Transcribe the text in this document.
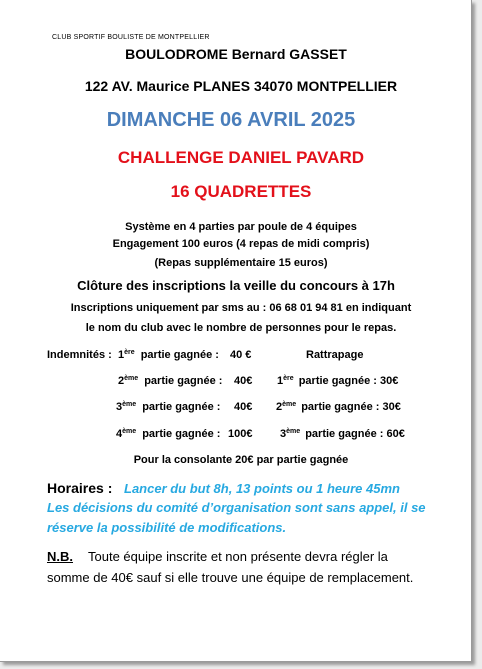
CLUB SPORTIF BOULISTE DE MONTPELLIER
BOULODROME Bernard GASSET
122 AV. Maurice PLANES 34070 MONTPELLIER
DIMANCHE 06 AVRIL 2025
CHALLENGE DANIEL PAVARD
16 QUADRETTES
Système en 4 parties par poule de 4 équipes
Engagement 100 euros (4 repas de midi compris)
(Repas supplémentaire 15 euros)
Clôture des inscriptions la veille du concours à 17h
Inscriptions uniquement par sms au : 06 68 01 94 81 en indiquant
le nom du club avec le nombre de personnes pour le repas.
Indemnités : 1ère partie gagnée : 40 €
2ème partie gagnée : 40€
3ème partie gagnée : 40€
4ème partie gagnée : 100€
Rattrapage
1ère partie gagnée : 30€
2ème partie gagnée : 30€
3ème partie gagnée : 60€
Pour la consolante 20€ par partie gagnée
Horaires : Lancer du but 8h, 13 points ou 1 heure 45mn
Les décisions du comité d’organisation sont sans appel, il se
réserve la possibilité de modifications.
N.B. Toute équipe inscrite et non présente devra régler la
somme de 40€ sauf si elle trouve une équipe de remplacement.
